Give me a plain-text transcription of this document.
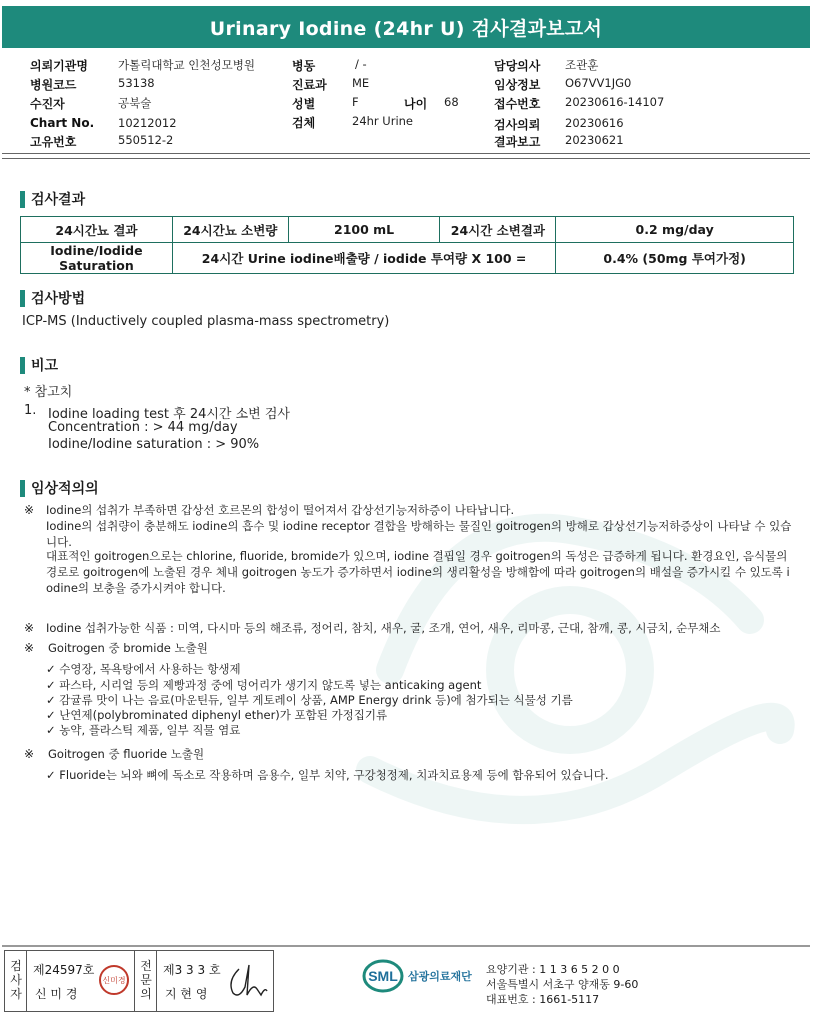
Urinary Iodine (24hr U) 검사결과보고서
의뢰기관명	가톨릭대학교 인천성모병원
병원코드	53138
수진자	공북술
Chart No. 10212012
고유번호	550512-2
병동	/ -
진료과 ME
성별	F	나이 68
검체	24hr Urine
담당의사 조관훈
임상정보 O67VV1JG0
접수번호 20230616-14107
검사의뢰 20230616
결과보고 20230621
검사결과
24시간뇨 결과	24시간뇨 소변량	2100 mL	24시간 소변결과	0.2 mg/day
Iodine/Iodide Saturation	24시간 Urine iodine배출량 / iodide 투여량 X 100 =			0.4% (50mg 투여가정)
검사방법
ICP-MS (Inductively coupled plasma-mass spectrometry)
비고
* 참고치
1. Iodine loading test 후 24시간 소변 검사
Concentration : > 44 mg/day
Iodine/Iodine saturation : > 90%
임상적의의
※ Iodine의 섭취가 부족하면 갑상선 호르몬의 합성이 떨어져서 갑상선기능저하증이 나타납니다.
Iodine의 섭취량이 충분해도 iodine의 흡수 및 iodine receptor 결합을 방해하는 물질인 goitrogen의 방해로 갑상선기능저하증상이 나타날 수 있습
니다.
대표적인 goitrogen으로는 chlorine, fluoride, bromide가 있으며, iodine 결핍일 경우 goitrogen의 독성은 급증하게 됩니다. 환경요인, 음식물의
경로로 goitrogen에 노출된 경우 체내 goitrogen 농도가 증가하면서 iodine의 생리활성을 방해함에 따라 goitrogen의 배설을 증가시킬 수 있도록 i
odine의 보충을 증가시켜야 합니다.
※ Iodine 섭취가능한 식품 : 미역, 다시마 등의 해조류, 정어리, 참치, 새우, 굴, 조개, 연어, 새우, 리마콩, 근대, 참깨, 콩, 시금치, 순무채소
※ Goitrogen 중 bromide 노출원
✓ 수영장, 목욕탕에서 사용하는 항생제
✓ 파스타, 시리얼 등의 제빵과정 중에 덩어리가 생기지 않도록 넣는 anticaking agent
✓ 감귤류 맛이 나는 음료(마운틴듀, 일부 게토레이 상품, AMP Energy drink 등)에 첨가되는 식물성 기름
✓ 난연제(polybrominated diphenyl ether)가 포함된 가정집기류
✓ 농약, 플라스틱 제품, 일부 직물 염료
※ Goitrogen 중 fluoride 노출원
✓ Fluoride는 뇌와 뼈에 독소로 작용하며 음용수, 일부 치약, 구강청정제, 치과치료용제 등에 함유되어 있습니다.
검
사
자
제24597호
신 미 경
신미경
전
문
의
제3 3 3 호
지 현 영
SML 삼광의료재단
요양기관 : 1 1 3 6 5 2 0 0
서울특별시 서초구 양재동 9-60
대표번호 : 1661-5117
